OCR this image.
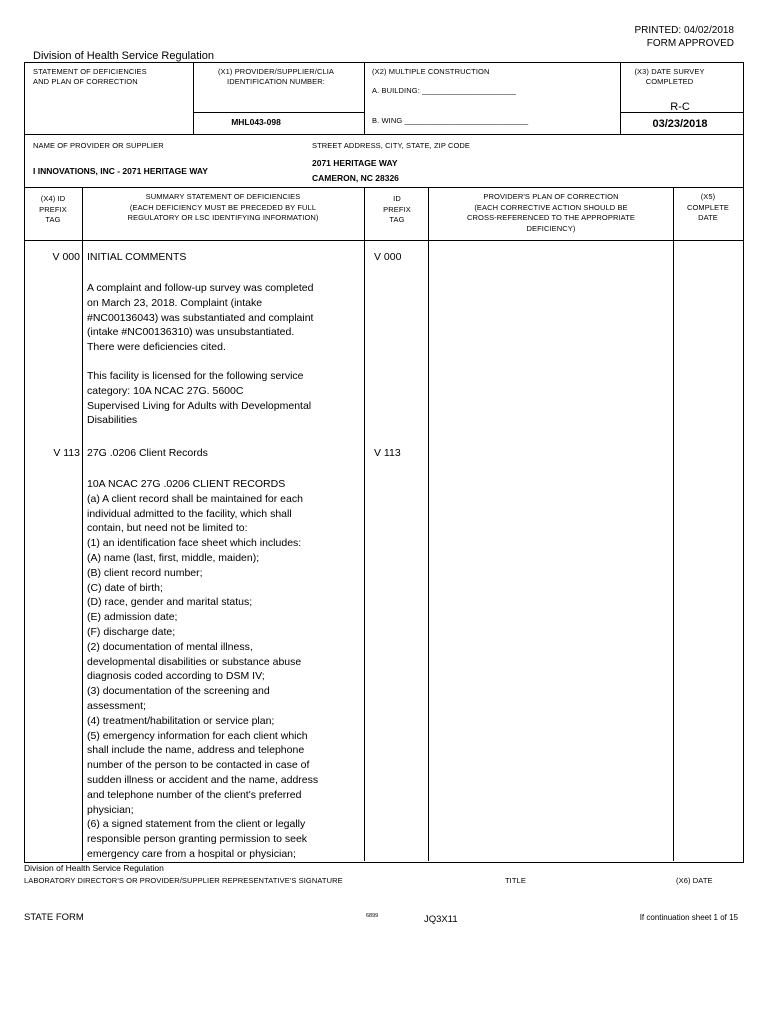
PRINTED: 04/02/2018
FORM APPROVED
Division of Health Service Regulation
STATEMENT OF DEFICIENCIES
AND PLAN OF CORRECTION
(X1) PROVIDER/SUPPLIER/CLIA
IDENTIFICATION NUMBER:
MHL043-098
(X2) MULTIPLE CONSTRUCTION
A. BUILDING: ______________________
B. WING _____________________________
(X3) DATE SURVEY
COMPLETED
R-C
03/23/2018
NAME OF PROVIDER OR SUPPLIER
I INNOVATIONS, INC - 2071 HERITAGE WAY
STREET ADDRESS, CITY, STATE, ZIP CODE
2071 HERITAGE WAY
CAMERON, NC 28326
(X4) ID
PREFIX
TAG
SUMMARY STATEMENT OF DEFICIENCIES
(EACH DEFICIENCY MUST BE PRECEDED BY FULL
REGULATORY OR LSC IDENTIFYING INFORMATION)
ID
PREFIX
TAG
PROVIDER'S PLAN OF CORRECTION
(EACH CORRECTIVE ACTION SHOULD BE
CROSS-REFERENCED TO THE APPROPRIATE
DEFICIENCY)
(X5)
COMPLETE
DATE
V 000	V 000
INITIAL COMMENTS
A complaint and follow-up survey was completed
on March 23, 2018. Complaint (intake
#NC00136043) was substantiated and complaint
(intake #NC00136310) was unsubstantiated.
There were deficiencies cited.
This facility is licensed for the following service
category: 10A NCAC 27G. 5600C
Supervised Living for Adults with Developmental
Disabilities
V 113	V 113
27G .0206 Client Records
10A NCAC 27G .0206 CLIENT RECORDS
(a) A client record shall be maintained for each
individual admitted to the facility, which shall
contain, but need not be limited to:
(1) an identification face sheet which includes:
(A) name (last, first, middle, maiden);
(B) client record number;
(C) date of birth;
(D) race, gender and marital status;
(E) admission date;
(F) discharge date;
(2) documentation of mental illness,
developmental disabilities or substance abuse
diagnosis coded according to DSM IV;
(3) documentation of the screening and
assessment;
(4) treatment/habilitation or service plan;
(5) emergency information for each client which
shall include the name, address and telephone
number of the person to be contacted in case of
sudden illness or accident and the name, address
and telephone number of the client's preferred
physician;
(6) a signed statement from the client or legally
responsible person granting permission to seek
emergency care from a hospital or physician;
Division of Health Service Regulation
LABORATORY DIRECTOR'S OR PROVIDER/SUPPLIER REPRESENTATIVE'S SIGNATURE	TITLE	(X6) DATE
STATE FORM	6899	JQ3X11	If continuation sheet 1 of 15
